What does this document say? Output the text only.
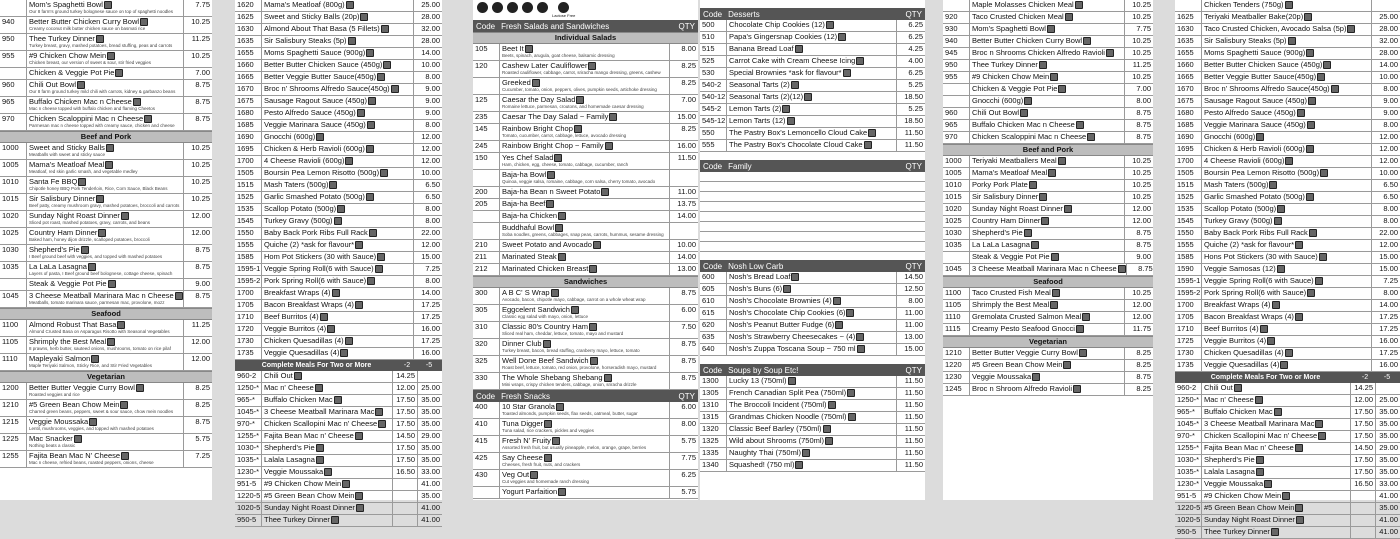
Mom's Spaghetti Bowl
Our 8 farm's ground turkey bolognese sauce on top of spaghetti noodles
7.75
940	Better Butter Chicken Curry Bowl
Creamy coconut milk butter chicken sauce on basmati rice
10.25
950	Thee Turkey Dinner
Turkey breast, gravy, mashed potatoes, bread stuffing, peas and carrots
11.25
955	#9 Chicken Chow Mein
Chicken breast, our version of sweet & sour, stir fried veggies
10.25
Chicken & Veggie Pot Pie	7.00
960	Chili Out Bowl
Our 8 farm ground turkey mild chili with carrots, kidney & garbanzo beans
8.75
965	Buffalo Chicken Mac n Cheese
Mac n cheese topped with buffalo chicken and flaming Cheetos
8.75
970	Chicken Scaloppini Mac n Cheese
Parmesan mac n cheese topped with creamy sauce, chicken and cheese
8.75
Beef and Pork
1000	Sweet and Sticky Balls
Meatballs with sweet and sticky sauce
10.25
1005	Mama's Meatloaf Meal
Meatloaf, red skin garlic smash, and vegetable medley
10.25
1010	Santa Fe BBQ
Chipotle honey BBQ Pork Tenderloin, Rice, Corn Sauce, Black Beans
10.25
1015	Sir Salisbury Dinner
Beef patty, creamy mushroom gravy, mashed potatoes, broccoli and carrots
10.25
1020	Sunday Night Roast Dinner
Sliced pot roast, mashed potatoes, gravy, carrots, and beans
12.00
1025	Country Ham Dinner
Baked ham, honey dijon drizzle, scalloped potatoes, broccoli
12.00
1030	Shepherd's Pie
I Beef ground beef with veggies, and topped with mashed potatoes
8.75
1035	La LaLa Lasagna
Layers of pasta, I Beef ground beef bolognese, cottage cheese, spinach
8.75
Steak & Veggie Pot Pie	9.00
1045	3 Cheese Meatball Marinara Mac n Cheese
Meatballs, tomato marinara sauce, parmesan mac, provolone, mozz
8.75
Seafood
1100	Almond Robust That Basa
Almond Crusted Basa on Asparagus Risotto with Seasonal Vegetables
11.25
1105	Shrimply the Best Meal
8 prawns, herb butter, sauteed onions, mushrooms, tomato on rice pilaf
12.00
1110	Mapleyaki Salmon
Maple Teriyaki Salmon, Sticky Rice, and Stir Fried Vegetables
12.00
Vegetarian
1200	Better Butter Veggie Curry Bowl
Roasted veggies and rice
8.25
1210	#5 Green Bean Chow Mein
Charred green beans, peppers, sweet & sour sauce, chow mein noodles
8.25
1215	Veggie Moussaka
Lentil, mushrooms, veggies, and topped with mashed potatoes
8.75
1225	Mac Snacker
Nothing beats a classic
5.75
1255	Fajita Bean Mac N' Cheese
Mac n cheese, refried beans, roasted peppers, onions, cheese
7.25
1620	Mama's Meatloaf (800g)	25.00
1625	Sweet and Sticky Balls (20p)	28.00
1630	Almond About That Basa (5 Fillets)	32.00
1635	Sir Salisbury Steaks (5p)	28.00
1655	Moms Spaghetti Sauce (900g)	14.00
1660	Better Butter Chicken Sauce (450g)	10.00
1665	Better Veggie Butter Sauce(450g)	8.00
1670	Broc n' Shrooms Alfredo Sauce(450g)	9.00
1675	Sausage Ragout Sauce (450g)	9.00
1680	Pesto Alfredo Sauce (450g)	9.00
1685	Veggie Marinara Sauce (450g)	8.00
1690	Gnocchi (600g)	12.00
1695	Chicken & Herb Ravioli (600g)	12.00
1700	4 Cheese Ravioli (600g)	12.00
1505	Boursin Pea Lemon Risotto (500g)	10.00
1515	Mash Taters (500g)	6.50
1525	Garlic Smashed Potato (500g)	6.50
1535	Scallop Potato (500g)	8.00
1545	Turkey Gravy (500g)	8.00
1550	Baby Back Pork Ribs Full Rack	22.00
1555	Quiche (2) *ask for flavour*	12.00
1585	Hom Pot Stickers (30 with Sauce)	15.00
1595-1 Veggie Spring Roll(6 with Sauce)	7.25
1595-2 Pork Spring Roll(6 with Sauce)	8.00
1700	Breakfast Wraps (4)	14.00
1705	Bacon Breakfast Wraps (4)	17.25
1710	Beef Burritos (4)	17.25
1720	Veggie Burritos (4)	16.00
1730	Chicken Quesadillas (4)	17.25
1735	Veggie Quesadillas (4)	16.00
Complete Meals For Two or More	-2	-5
960-2	Chili Out	14.25
1250-* Mac n' Cheese	12.00 25.00
965-*	Buffalo Chicken Mac	17.50 35.00
1045-* 3 Cheese Meatball Marinara Mac	17.50 35.00
970-*	Chicken Scallopini Mac n' Cheese	17.50 35.00
1255-* Fajita Bean Mac n' Cheese	14.50 29.00
1030-* Shepherd's Pie	17.50 35.00
1035-* Lalala Lasagna	17.50 35.00
1230-* Veggie Moussaka	16.50 33.00
951-5	#9 Chicken Chow Mein	41.00
1220-5 #5 Green Bean Chow Mein	35.00
1020-5 Sunday Night Roast Dinner	41.00
950-5	Thee Turkey Dinner	41.00
Lactose Free
Code Fresh Salads and Sandwiches	QTY
Individual Salads
105	Beet It
Beets, spinach, arugula, goat cheese, balsamic dressing
8.00
120	Cashew Later Cauliflower
Roasted cauliflower, cabbage, carrot, sriracha mango dressing, greens, cashew
8.25
Greeked
Cucumber, tomato, onion, peppers, olives, pumpkin seeds, artichoke dressing
8.25
125	Caesar the Day Salad
Romaine lettuce, parmesan, croutons, and homemade caesar dressing
7.00
235	Caesar The Day Salad ~ Family	15.00
145	Rainbow Bright Chop
Tomato, cucumber, carrot, cabbage, lettuce, avocado dressing
8.25
245	Rainbow Bright Chop ~ Family	16.00
150	Yes Chef Salad
Ham, chicken, egg, cheese, tomato, cabbage, cucumber, ranch
11.50
Baja-ha Bowl
Quinoa, veggie salsa, romaine, cabbage, corn salsa, cherry tomato, avocado
200	Baja-ha Bean n Sweet Potato	11.00
205	Baja-ha Beef	13.75
Baja-ha Chicken	14.00
Buddhaful Bowl
Soba noodles, greens, cabbages, snap peas, carrots, hummus, sesame dressing
210	Sweet Potato and Avocado	10.00
211	Marinated Steak	14.00
212	Marinated Chicken Breast	13.00
Sandwiches
300	A B C' S Wrap
Avocado, bacon, chipotle mayo, cabbage, carrot on a whole wheat wrap
8.75
305	Eggcelent Sandwich
Classic egg salad with mayo, onion, lettuce
6.00
310	Classic 80's Country Ham
Sliced real ham, cheddar, lettuce, tomato, mayo and mustard
7.50
320	Dinner Club
Turkey breast, bacon, bread stuffing, cranberry mayo, lettuce, tomato
8.75
325	Well Done Beef Sandwich
Roast beef, lettuce, tomato, red onion, provolone, horseradish mayo, mustard
8.75
330	The Whole Shebang Shebang
Mini wraps, crispy chicken tenders, cabbage, onion, sriracha drizzle
8.75
Code Fresh Snacks	QTY
400	10 Star Granola
Toasted almonds, pumpkin seeds, flax seeds, oatmeal, butter, sugar
6.00
410	Tuna Digger
Tuna salad, rice crackers, pickles and veggies
8.00
415	Fresh N' Fruity
Assorted fresh fruit, but usually pineapple, melon, orange, grape, berries
5.75
425	Say Cheese
Cheeses, fresh fruit, nuts, and crackers
7.75
430	Veg Out
Cut veggies and homemade ranch dressing
6.25
Yogurt Parfaition	5.75
Code Desserts	QTY
500	Chocolate Chip Cookies (12)	6.25
510	Papa's Gingersnap Cookies (12)	6.25
515	Banana Bread Loaf	4.25
525	Carrot Cake with Cream Cheese Icing	4.00
530	Special Brownies *ask for flavour*	6.25
540-2	Seasonal Tarts (2)	5.25
540-12 Seasonal Tarts (2)(12)	18.50
545-2	Lemon Tarts (2)	5.25
545-12 Lemon Tarts (12)	18.50
550	The Pastry Box's Lemoncello Cloud Cake	11.50
555	The Pastry Box's Chocolate Cloud Cake	11.50
Code Family	QTY
Code Nosh Low Carb	QTY
600	Nosh's Bread Loaf	14.50
605	Nosh's Buns (6)	12.50
610	Nosh's Chocolate Brownies (4)	8.00
615	Nosh's Chocolate Chip Cookies (6)	11.00
620	Nosh's Peanut Butter Fudge (6)	11.00
635	Nosh's Strawberry Cheesecakes ~ (4)	13.00
640	Nosh's Zuppa Toscana Soup ~ 750 ml	15.00
Code Soups by Soup Etc!	QTY
1300	Lucky 13 (750ml)	11.50
1305	French Canadian Split Pea (750ml)	11.50
1310	The Broccoli Incident (750ml)	11.50
1315	Grandmas Chicken Noodle (750ml)	11.50
1320	Classic Beef Barley (750ml)	11.50
1325	Wild about Shrooms (750ml)	11.50
1335	Naughty Thai (750ml)	11.50
1340	Squashed! (750 ml)	11.50
Maple Molasses Chicken Meal	10.25
920	Taco Crusted Chicken Meal	10.25
930	Mom's Spaghetti Bowl	7.75
940	Better Butter Chicken Curry Bowl	10.25
945	Broc n Shrooms Chicken Alfredo Ravioli	10.25
950	Thee Turkey Dinner	11.25
955	#9 Chicken Chow Mein	10.25
Chicken & Veggie Pot Pie	7.00
Gnocchi (600g)	8.00
960	Chili Out Bowl	8.75
965	Buffalo Chicken Mac n Cheese	8.75
970	Chicken Scaloppini Mac n Cheese	8.75
Beef and Pork
1000	Teriyaki Meatballers Meal	10.25
1005	Mama's Meatloaf Meal	10.25
1010	Porky Pork Plate	10.25
1015	Sir Salisbury Dinner	10.25
1020	Sunday Night Roast Dinner	12.00
1025	Country Ham Dinner	12.00
1030	Shepherd's Pie	8.75
1035	La LaLa Lasagna	8.75
Steak & Veggie Pot Pie	9.00
1045	3 Cheese Meatball Marinara Mac n Cheese	8.75
Seafood
1100	Taco Crusted Fish Meal	10.25
1105	Shrimply the Best Meal	12.00
1110	Gremolata Crusted Salmon Meal	12.00
1115	Creamy Pesto Seafood Gnocci	11.75
Vegetarian
1210	Better Butter Veggie Curry Bowl	8.25
1220	#5 Green Bean Chow Mein	8.25
1230	Veggie Moussaka	8.75
1245	Broc n Shroom Alfredo Ravioli	8.25
Chicken Tenders (750g)
1625	Teriyaki Meatballer Bake(20p)	25.00
1630	Taco Crusted Chicken, Avocado Salsa (5p)	28.00
1635	Sir Salisbury Steaks (5p)	32.00
1655	Moms Spaghetti Sauce (900g)	28.00
1660	Better Butter Chicken Sauce (450g)	14.00
1665	Better Veggie Butter Sauce(450g)	10.00
1670	Broc n' Shrooms Alfredo Sauce(450g)	8.00
1675	Sausage Ragout Sauce (450g)	9.00
1680	Pesto Alfredo Sauce (450g)	9.00
1685	Veggie Marinara Sauce (450g)	8.00
1690	Gnocchi (600g)	12.00
1695	Chicken & Herb Ravioli (600g)	12.00
1700	4 Cheese Ravioli (600g)	12.00
1505	Boursin Pea Lemon Risotto (500g)	10.00
1515	Mash Taters (500g)	6.50
1525	Garlic Smashed Potato (500g)	6.50
1535	Scallop Potato (500g)	8.00
1545	Turkey Gravy (500g)	8.00
1550	Baby Back Pork Ribs Full Rack	22.00
1555	Quiche (2) *ask for flavour*	12.00
1585	Hons Pot Stickers (30 with Sauce)	15.00
1590	Veggie Samosas (12)	15.00
1595-1 Veggie Spring Roll(6 with Sauce)	7.25
1595-2 Pork Spring Roll(6 with Sauce)	8.00
1700	Breakfast Wraps (4)	14.00
1705	Bacon Breakfast Wraps (4)	17.25
1710	Beef Burritos (4)	17.25
1725	Veggie Burritos (4)	16.00
1730	Chicken Quesadillas (4)	17.25
1735	Veggie Quesadillas (4)	16.00
Complete Meals For Two or More	-2	-5
960-2	Chili Out	14.25
1250-* Mac n' Cheese	12.00 25.00
965-*	Buffalo Chicken Mac	17.50 35.00
1045-* 3 Cheese Meatball Marinara Mac	17.50 35.00
970-*	Chicken Scallopini Mac n' Cheese	17.50 35.00
1255-* Fajita Bean Mac n' Cheese	14.50 29.00
1030-* Shepherd's Pie	17.50 35.00
1035-* Lalala Lasagna	17.50 35.00
1230-* Veggie Moussaka	16.50 33.00
951-5	#9 Chicken Chow Mein	41.00
1220-5 #5 Green Bean Chow Mein	35.00
1020-5 Sunday Night Roast Dinner	41.00
950-5	Thee Turkey Dinner	41.00
